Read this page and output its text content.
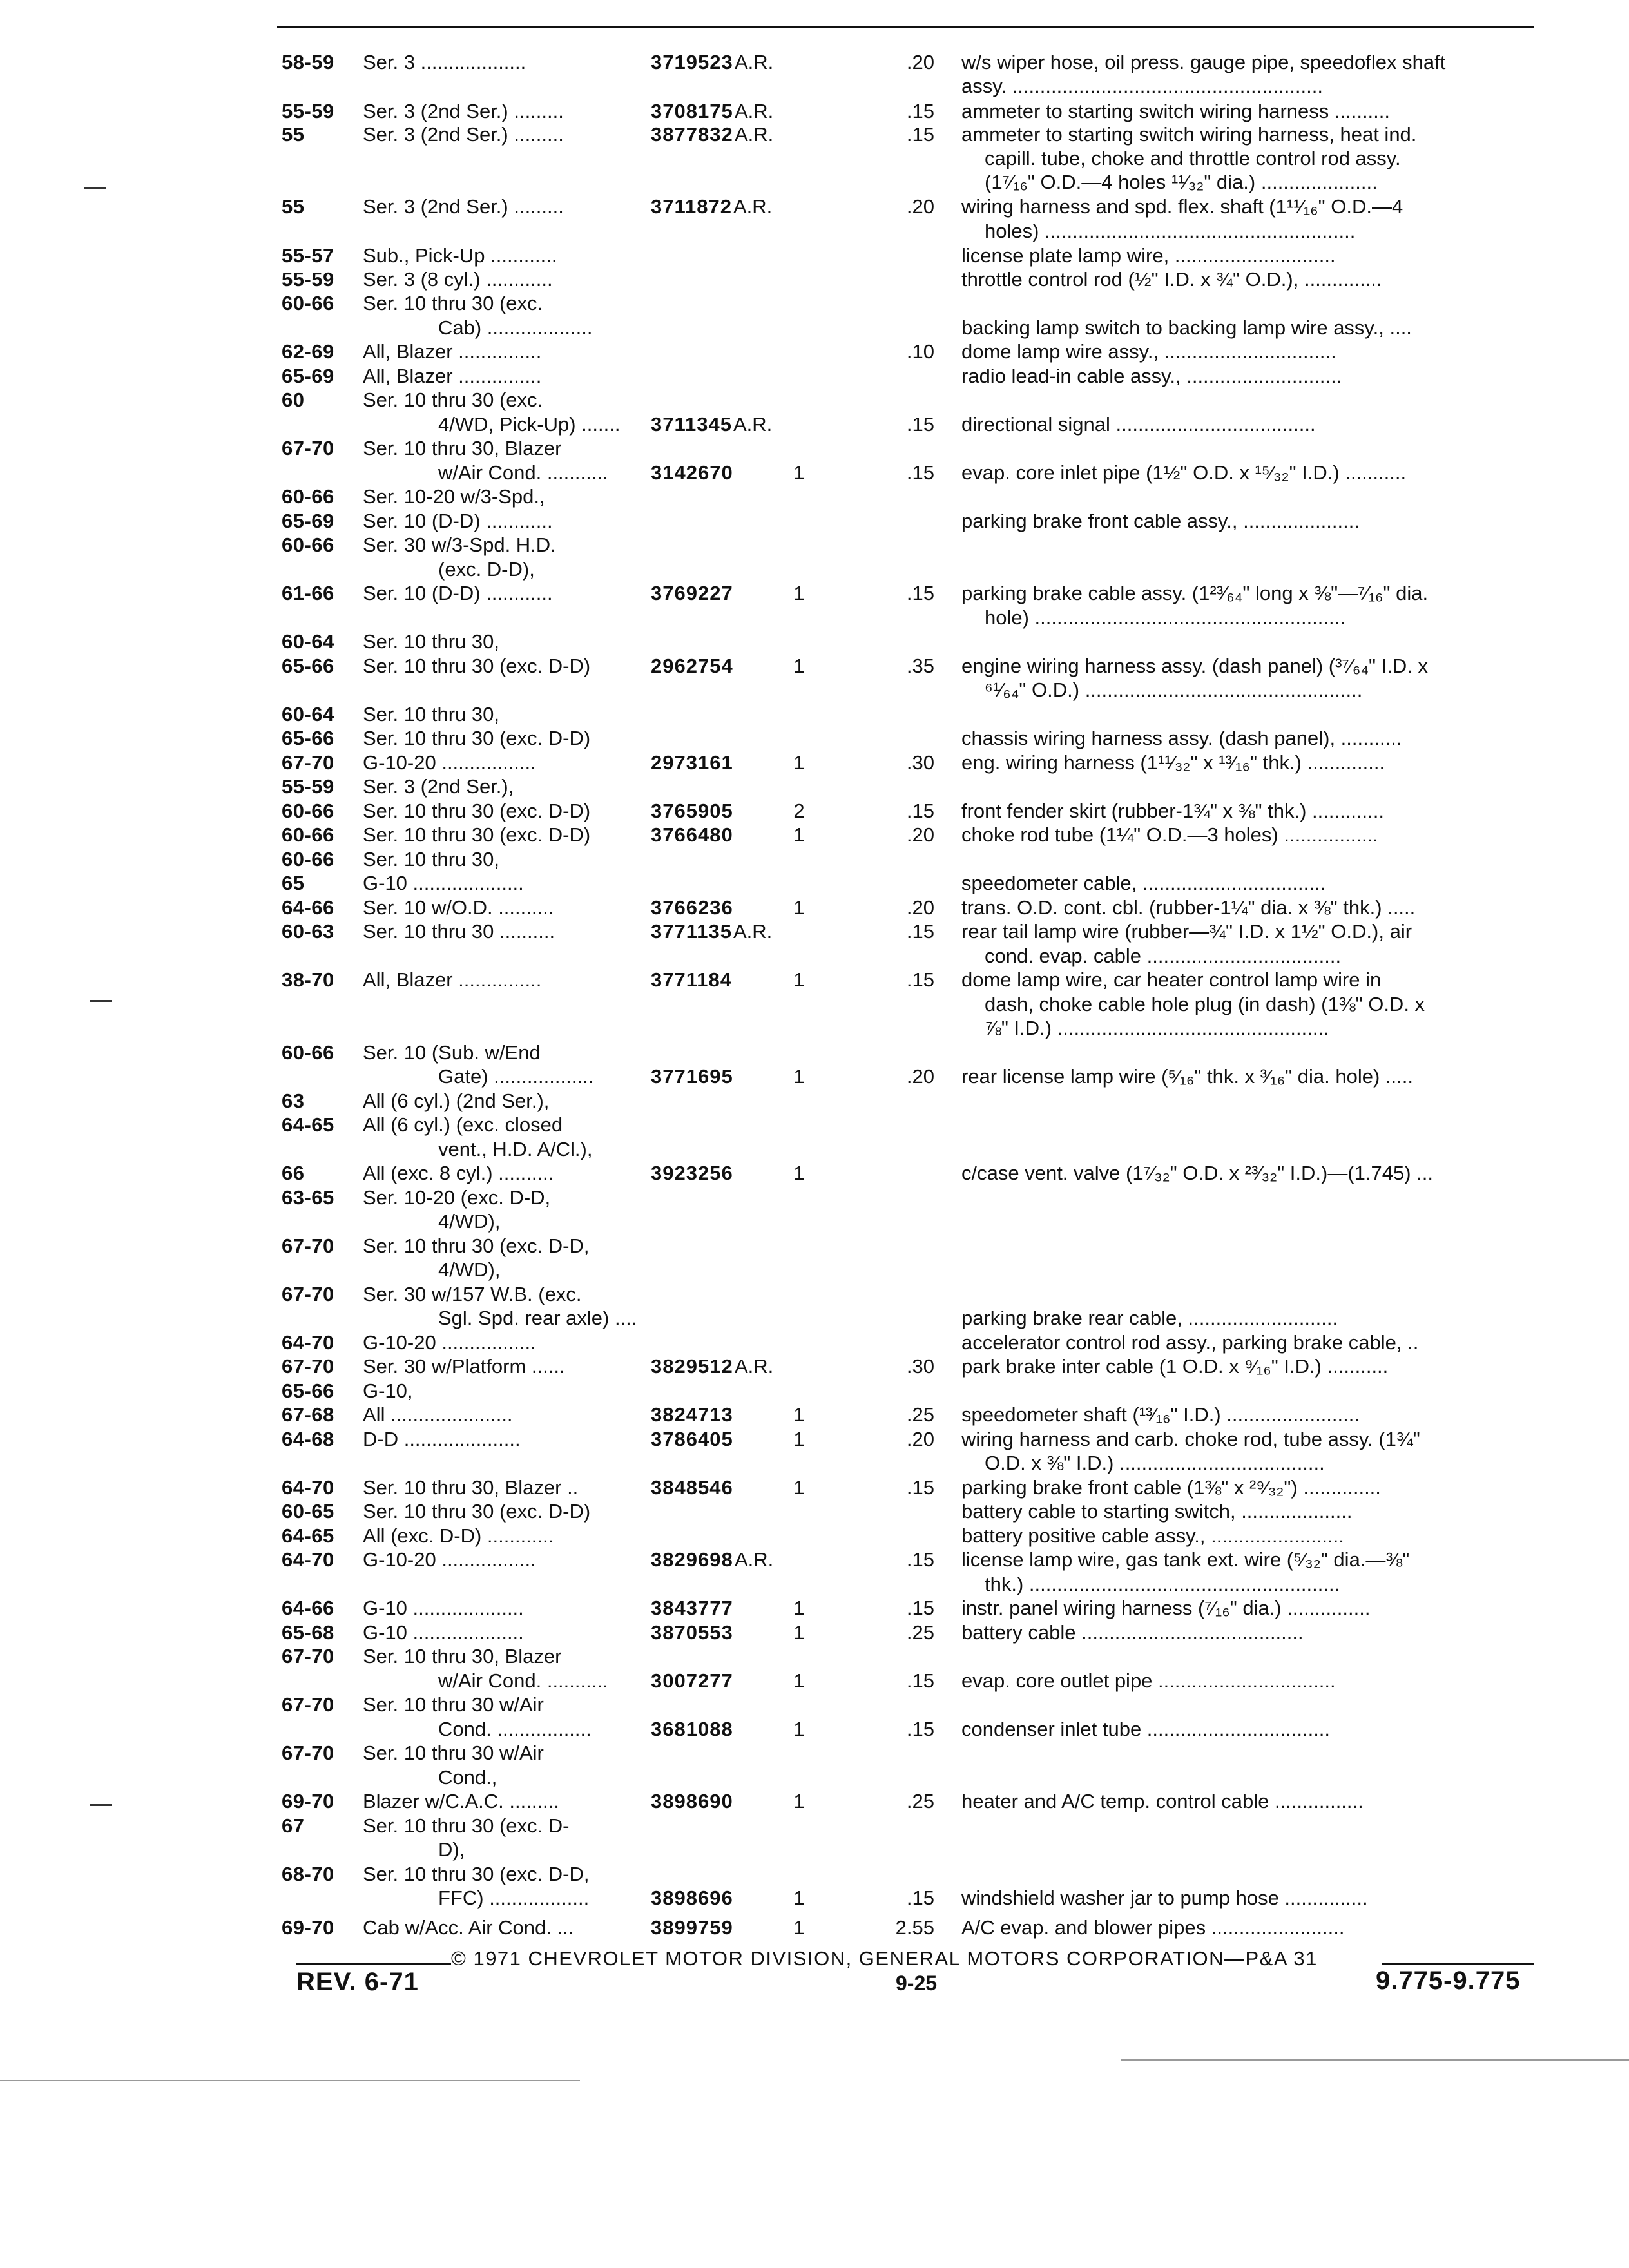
58-59 Ser. 3 ...................	3719523 A.R.	.20 w/s wiper hose, oil press. gauge pipe, speedoflex shaft
assy. ........................................................
55-59 Ser. 3 (2nd Ser.) .........	3708175 A.R.	.15 ammeter to starting switch wiring harness ..........
55	Ser. 3 (2nd Ser.) .........	3877832 A.R.	.15 ammeter to starting switch wiring harness, heat ind.
capill. tube, choke and throttle control rod assy.
(1⁷⁄₁₆" O.D.—4 holes ¹¹⁄₃₂" dia.) .....................
55	Ser. 3 (2nd Ser.) .........	3711872 A.R.	.20 wiring harness and spd. flex. shaft (1¹¹⁄₁₆" O.D.—4
holes) ........................................................
55-57 Sub., Pick-Up ............	license plate lamp wire, .............................
55-59 Ser. 3 (8 cyl.) ............	throttle control rod (½" I.D. x ¾" O.D.), ..............
60-66 Ser. 10 thru 30 (exc.
Cab) ...................	backing lamp switch to backing lamp wire assy., ....
62-69 All, Blazer ...............	.10 dome lamp wire assy., ...............................
65-69 All, Blazer ...............	radio lead-in cable assy., ............................
60	Ser. 10 thru 30 (exc.
4/WD, Pick-Up) .......	3711345 A.R.	.15 directional signal ....................................
67-70 Ser. 10 thru 30, Blazer
w/Air Cond. ...........	3142670	1	.15 evap. core inlet pipe (1½" O.D. x ¹⁵⁄₃₂" I.D.) ...........
60-66 Ser. 10-20 w/3-Spd.,
65-69 Ser. 10 (D-D) ............	parking brake front cable assy., .....................
60-66 Ser. 30 w/3-Spd. H.D.
(exc. D-D),
61-66 Ser. 10 (D-D) ............	3769227	1	.15 parking brake cable assy. (1²³⁄₆₄" long x ⅜"—⁷⁄₁₆" dia.
hole) ........................................................
60-64 Ser. 10 thru 30,
65-66 Ser. 10 thru 30 (exc. D-D)	2962754	1	.35 engine wiring harness assy. (dash panel) (³⁷⁄₆₄" I.D. x
⁶¹⁄₆₄" O.D.) ..................................................
60-64 Ser. 10 thru 30,
65-66 Ser. 10 thru 30 (exc. D-D)	chassis wiring harness assy. (dash panel), ...........
67-70 G-10-20 .................	2973161	1	.30 eng. wiring harness (1¹¹⁄₃₂" x ¹³⁄₁₆" thk.) ..............
55-59 Ser. 3 (2nd Ser.),
60-66 Ser. 10 thru 30 (exc. D-D)	3765905	2	.15 front fender skirt (rubber-1¾" x ⅜" thk.) .............
60-66 Ser. 10 thru 30 (exc. D-D)	3766480	1	.20 choke rod tube (1¼" O.D.—3 holes) .................
60-66 Ser. 10 thru 30,
65	G-10 ....................	speedometer cable, .................................
64-66 Ser. 10 w/O.D. ..........	3766236	1	.20 trans. O.D. cont. cbl. (rubber-1¼" dia. x ⅜" thk.) .....
60-63 Ser. 10 thru 30 ..........	3771135 A.R.	.15 rear tail lamp wire (rubber—¾" I.D. x 1½" O.D.), air
cond. evap. cable ...................................
38-70 All, Blazer ...............	3771184	1	.15 dome lamp wire, car heater control lamp wire in
dash, choke cable hole plug (in dash) (1⅜" O.D. x
⅞" I.D.) .................................................
60-66 Ser. 10 (Sub. w/End
Gate) ..................	3771695	1	.20 rear license lamp wire (⁵⁄₁₆" thk. x ³⁄₁₆" dia. hole) .....
63	All (6 cyl.) (2nd Ser.),
64-65 All (6 cyl.) (exc. closed
vent., H.D. A/Cl.),
66	All (exc. 8 cyl.) ..........	3923256	1	c/case vent. valve (1⁷⁄₃₂" O.D. x ²³⁄₃₂" I.D.)—(1.745) ...
63-65 Ser. 10-20 (exc. D-D,
4/WD),
67-70 Ser. 10 thru 30 (exc. D-D,
4/WD),
67-70 Ser. 30 w/157 W.B. (exc.
Sgl. Spd. rear axle) ....	parking brake rear cable, ...........................
64-70 G-10-20 .................	accelerator control rod assy., parking brake cable, ..
67-70 Ser. 30 w/Platform ......	3829512 A.R.	.30 park brake inter cable (1 O.D. x ⁹⁄₁₆" I.D.) ...........
65-66 G-10,
67-68 All ......................	3824713	1	.25 speedometer shaft (¹³⁄₁₆" I.D.) ........................
64-68 D-D .....................	3786405	1	.20 wiring harness and carb. choke rod, tube assy. (1¾"
O.D. x ⅜" I.D.) .....................................
64-70 Ser. 10 thru 30, Blazer ..	3848546	1	.15 parking brake front cable (1⅜" x ²⁹⁄₃₂") ..............
60-65 Ser. 10 thru 30 (exc. D-D)	battery cable to starting switch, ....................
64-65 All (exc. D-D) ............	battery positive cable assy., ........................
64-70 G-10-20 .................	3829698 A.R.	.15 license lamp wire, gas tank ext. wire (⁵⁄₃₂" dia.—⅜"
thk.) ........................................................
64-66 G-10 ....................	3843777	1	.15 instr. panel wiring harness (⁷⁄₁₆" dia.) ...............
65-68 G-10 ....................	3870553	1	.25 battery cable ........................................
67-70 Ser. 10 thru 30, Blazer
w/Air Cond. ...........	3007277	1	.15 evap. core outlet pipe ................................
67-70 Ser. 10 thru 30 w/Air
Cond. .................	3681088	1	.15 condenser inlet tube .................................
67-70 Ser. 10 thru 30 w/Air
Cond.,
69-70 Blazer w/C.A.C. .........	3898690	1	.25 heater and A/C temp. control cable ................
67	Ser. 10 thru 30 (exc. D-
D),
68-70 Ser. 10 thru 30 (exc. D-D,
FFC) ..................	3898696	1	.15 windshield washer jar to pump hose ...............
69-70 Cab w/Acc. Air Cond. ...	3899759	1	2.55 A/C evap. and blower pipes ........................
© 1971 CHEVROLET MOTOR DIVISION, GENERAL MOTORS CORPORATION—P&A 31
REV. 6-71	9-25	9.775-9.775
